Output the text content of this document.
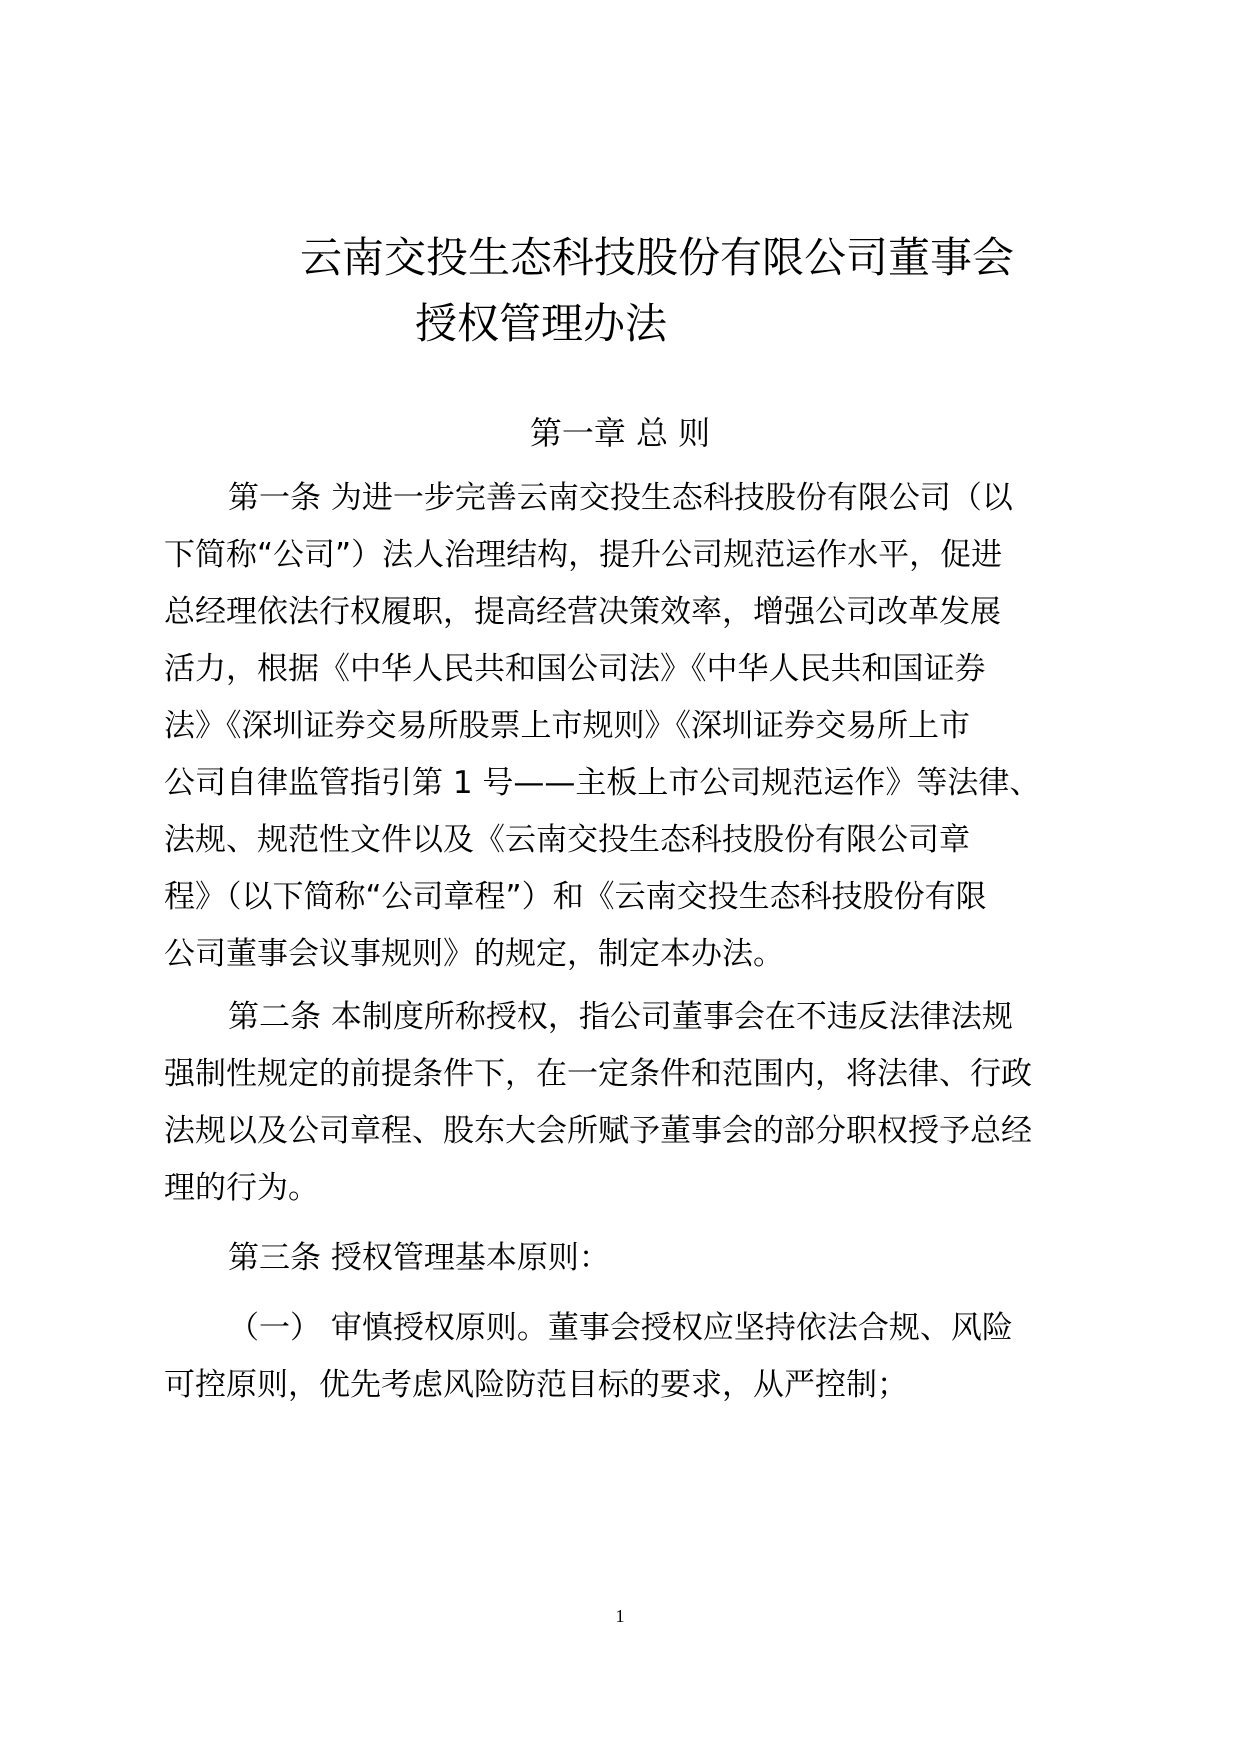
云南交投生态科技股份有限公司董事会
授权管理办法
第一章 总 则
第一条 为进一步完善云南交投生态科技股份有限公司（以
下简称“公司”）法人治理结构，提升公司规范运作水平，促进
总经理依法行权履职，提高经营决策效率，增强公司改革发展
活力，根据《中华人民共和国公司法》《中华人民共和国证券
法》《深圳证券交易所股票上市规则》《深圳证券交易所上市
公司自律监管指引第 1 号——主板上市公司规范运作》等法律、
法规、规范性文件以及《云南交投生态科技股份有限公司章
程》（以下简称“公司章程”）和《云南交投生态科技股份有限
公司董事会议事规则》的规定，制定本办法。
第二条 本制度所称授权，指公司董事会在不违反法律法规
强制性规定的前提条件下，在一定条件和范围内，将法律、行政
法规以及公司章程、股东大会所赋予董事会的部分职权授予总经
理的行为。
第三条 授权管理基本原则：
（一） 审慎授权原则。董事会授权应坚持依法合规、风险
可控原则，优先考虑风险防范目标的要求，从严控制；
1
